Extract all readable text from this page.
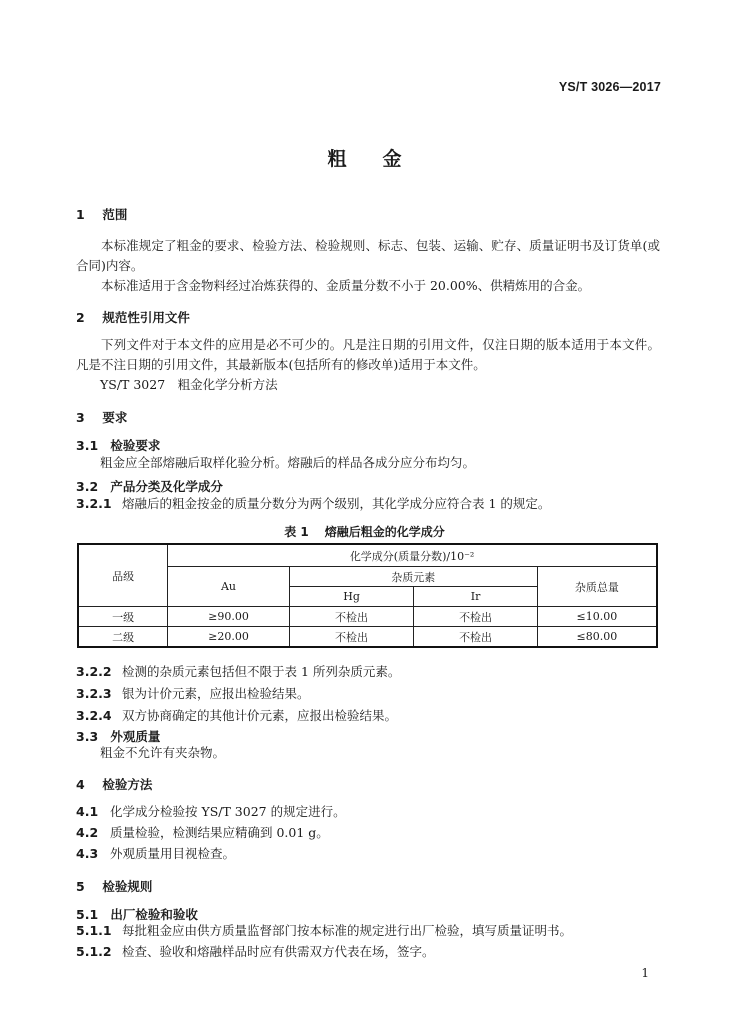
YS/T 3026—2017
粗金
1 范围
本标准规定了粗金的要求、检验方法、检验规则、标志、包装、运输、贮存、质量证明书及订货单(或合同)内容。
本标准适用于含金物料经过冶炼获得的、金质量分数不小于 20.00%、供精炼用的合金。
2 规范性引用文件
下列文件对于本文件的应用是必不可少的。凡是注日期的引用文件，仅注日期的版本适用于本文件。凡是不注日期的引用文件，其最新版本(包括所有的修改单)适用于本文件。
YS/T 3027　粗金化学分析方法
3 要求
3.1 检验要求
粗金应全部熔融后取样化验分析。熔融后的样品各成分应分布均匀。
3.2 产品分类及化学成分
3.2.1 熔融后的粗金按金的质量分数分为两个级别，其化学成分应符合表 1 的规定。
表 1 熔融后粗金的化学成分
品级	化学成分(质量分数)/10⁻²			
	Au	杂质元素		杂质总量
		Hg	Ir	
一级	≥90.00	不检出	不检出	≤10.00
二级	≥20.00	不检出	不检出	≤80.00
3.2.2 检测的杂质元素包括但不限于表 1 所列杂质元素。
3.2.3 银为计价元素，应报出检验结果。
3.2.4 双方协商确定的其他计价元素，应报出检验结果。
3.3 外观质量
粗金不允许有夹杂物。
4 检验方法
4.1 化学成分检验按 YS/T 3027 的规定进行。
4.2 质量检验，检测结果应精确到 0.01 g。
4.3 外观质量用目视检查。
5 检验规则
5.1 出厂检验和验收
5.1.1 每批粗金应由供方质量监督部门按本标准的规定进行出厂检验，填写质量证明书。
5.1.2 检查、验收和熔融样品时应有供需双方代表在场，签字。
1
